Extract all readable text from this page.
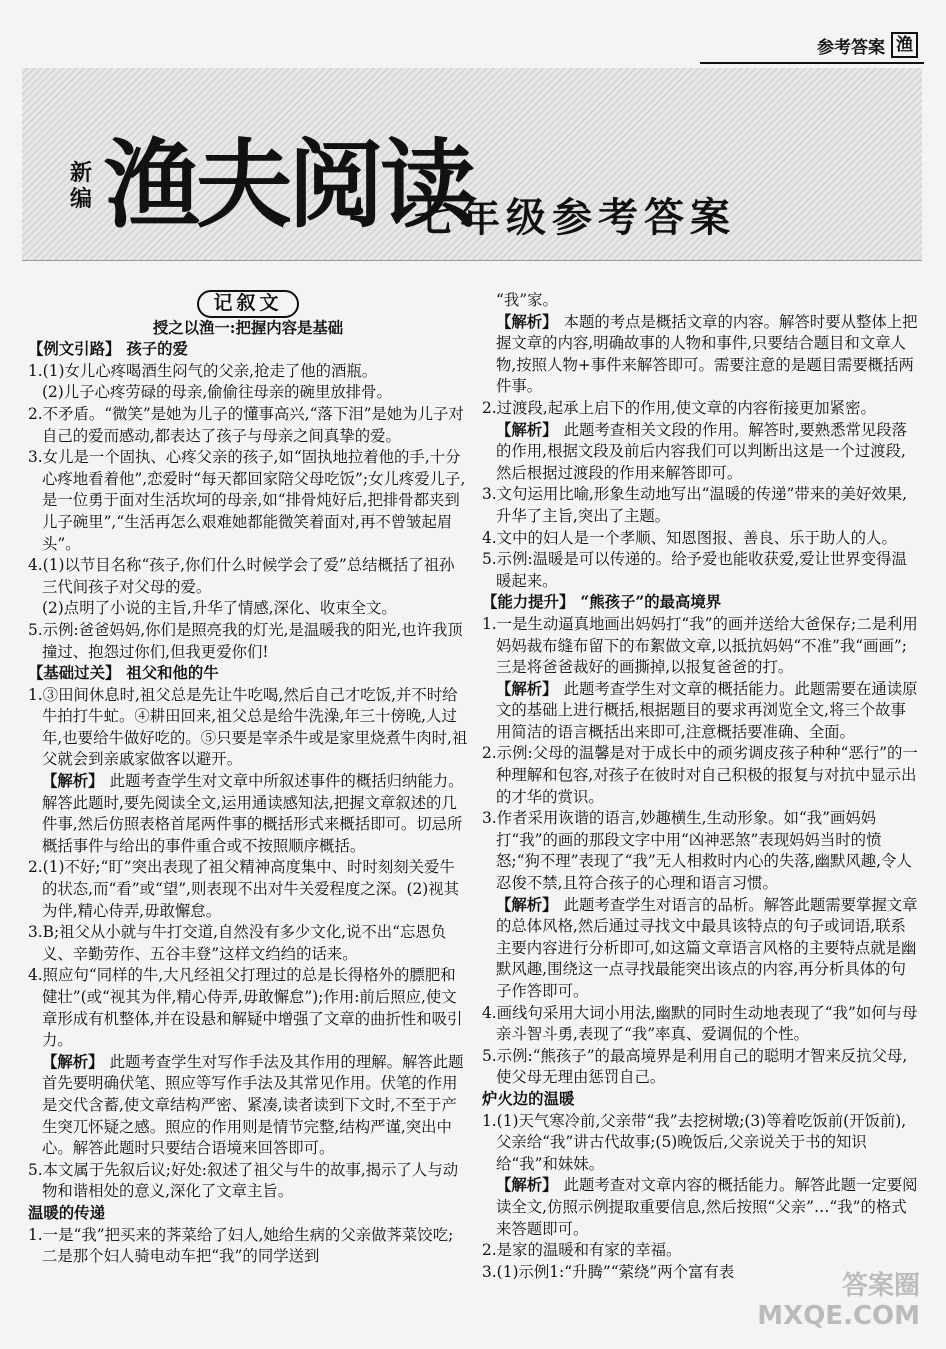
参考答案 渔
新编 渔夫阅读
七年级参考答案

记叙文

授之以渔一:把握内容是基础

【例文引路】 孩子的爱

1.(1)女儿心疼喝酒生闷气的父亲,抢走了他的酒瓶。

(2)儿子心疼劳碌的母亲,偷偷往母亲的碗里放排骨。

2.不矛盾。“微笑”是她为儿子的懂事高兴,“落下泪”是她为儿子对自己的爱而感动,都表达了孩子与母亲之间真挚的爱。

3.女儿是一个固执、心疼父亲的孩子,如“固执地拉着他的手,十分心疼地看着他”,恋爱时“每天都回家陪父母吃饭”;女儿疼爱儿子,是一位勇于面对生活坎坷的母亲,如“排骨炖好后,把排骨都夹到儿子碗里”,“生活再怎么艰难她都能微笑着面对,再不曾皱起眉头”。

4.(1)以节目名称“孩子,你们什么时候学会了爱”总结概括了祖孙三代间孩子对父母的爱。

(2)点明了小说的主旨,升华了情感,深化、收束全文。

5.示例:爸爸妈妈,你们是照亮我的灯光,是温暖我的阳光,也许我顶撞过、抱怨过你们,但我更爱你们!

【基础过关】 祖父和他的牛

1.③田间休息时,祖父总是先让牛吃喝,然后自己才吃饭,并不时给牛拍打牛虻。④耕田回来,祖父总是给牛洗澡,年三十傍晚,人过年,也要给牛做好吃的。⑤只要是宰杀牛或是家里烧煮牛肉时,祖父就会到亲戚家做客以避开。

【解析】 此题考查学生对文章中所叙述事件的概括归纳能力。解答此题时,要先阅读全文,运用通读感知法,把握文章叙述的几件事,然后仿照表格首尾两件事的概括形式来概括即可。切忌所概括事件与给出的事件重合或不按照顺序概括。

2.(1)不好;“盯”突出表现了祖父精神高度集中、时时刻刻关爱牛的状态,而“看”或“望”,则表现不出对牛关爱程度之深。(2)视其为伴,精心侍弄,毋敢懈怠。

3.B;祖父从小就与牛打交道,自然没有多少文化,说不出“忘恩负义、辛勤劳作、五谷丰登”这样文绉绉的话来。

4.照应句“同样的牛,大凡经祖父打理过的总是长得格外的膘肥和健壮”(或“视其为伴,精心侍弄,毋敢懈怠”);作用:前后照应,使文章形成有机整体,并在设悬和解疑中增强了文章的曲折性和吸引力。

【解析】 此题考查学生对写作手法及其作用的理解。解答此题首先要明确伏笔、照应等写作手法及其常见作用。伏笔的作用是交代含蓄,使文章结构严密、紧凑,读者读到下文时,不至于产生突兀怀疑之感。照应的作用则是情节完整,结构严谨,突出中心。解答此题时只要结合语境来回答即可。

5.本文属于先叙后议;好处:叙述了祖父与牛的故事,揭示了人与动物和谐相处的意义,深化了文章主旨。

温暖的传递

1.一是“我”把买来的荠菜给了妇人,她给生病的父亲做荠菜饺吃;二是那个妇人骑电动车把“我”的同学送到

“我”家。

【解析】 本题的考点是概括文章的内容。解答时要从整体上把握文章的内容,明确故事的人物和事件,只要结合题目和文章人物,按照人物+事件来解答即可。需要注意的是题目需要概括两件事。

2.过渡段,起承上启下的作用,使文章的内容衔接更加紧密。

【解析】 此题考查相关文段的作用。解答时,要熟悉常见段落的作用,根据文段及前后内容我们可以判断出这是一个过渡段,然后根据过渡段的作用来解答即可。

3.文句运用比喻,形象生动地写出“温暖的传递”带来的美好效果,升华了主旨,突出了主题。

4.文中的妇人是一个孝顺、知恩图报、善良、乐于助人的人。

5.示例:温暖是可以传递的。给予爱也能收获爱,爱让世界变得温暖起来。

【能力提升】 “熊孩子”的最高境界

1.一是生动逼真地画出妈妈打“我”的画并送给大爸保存;二是利用妈妈裁布缝布留下的布絮做文章,以抵抗妈妈“不准”我“画画”;三是将爸爸裁好的画撕掉,以报复爸爸的打。

【解析】 此题考查学生对文章的概括能力。此题需要在通读原文的基础上进行概括,根据题目的要求再浏览全文,将三个故事用简洁的语言概括出来即可,注意概括要准确、全面。

2.示例:父母的温馨是对于成长中的顽劣调皮孩子种种“恶行”的一种理解和包容,对孩子在彼时对自己积极的报复与对抗中显示出的才华的赏识。

3.作者采用诙谐的语言,妙趣横生,生动形象。如“我”画妈妈打“我”的画的那段文字中用“凶神恶煞”表现妈妈当时的愤怒;“狗不理”表现了“我”无人相救时内心的失落,幽默风趣,令人忍俊不禁,且符合孩子的心理和语言习惯。

【解析】 此题考查学生对语言的品析。解答此题需要掌握文章的总体风格,然后通过寻找文中最具该特点的句子或词语,联系主要内容进行分析即可,如这篇文章语言风格的主要特点就是幽默风趣,围绕这一点寻找最能突出该点的内容,再分析具体的句子作答即可。

4.画线句采用大词小用法,幽默的同时生动地表现了“我”如何与母亲斗智斗勇,表现了“我”率真、爱调侃的个性。

5.示例:“熊孩子”的最高境界是利用自己的聪明才智来反抗父母,使父母无理由惩罚自己。

炉火边的温暖

1.(1)天气寒冷前,父亲带“我”去挖树墩;(3)等着吃饭前(开饭前),父亲给“我”讲古代故事;(5)晚饭后,父亲说关于书的知识给“我”和妹妹。

【解析】 此题考查对文章内容的概括能力。解答此题一定要阅读全文,仿照示例提取重要信息,然后按照“父亲”…“我”的格式来答题即可。

2.是家的温暖和有家的幸福。

3.(1)示例1:“升腾”“萦绕”两个富有表	答案圈
MXQE.COM
